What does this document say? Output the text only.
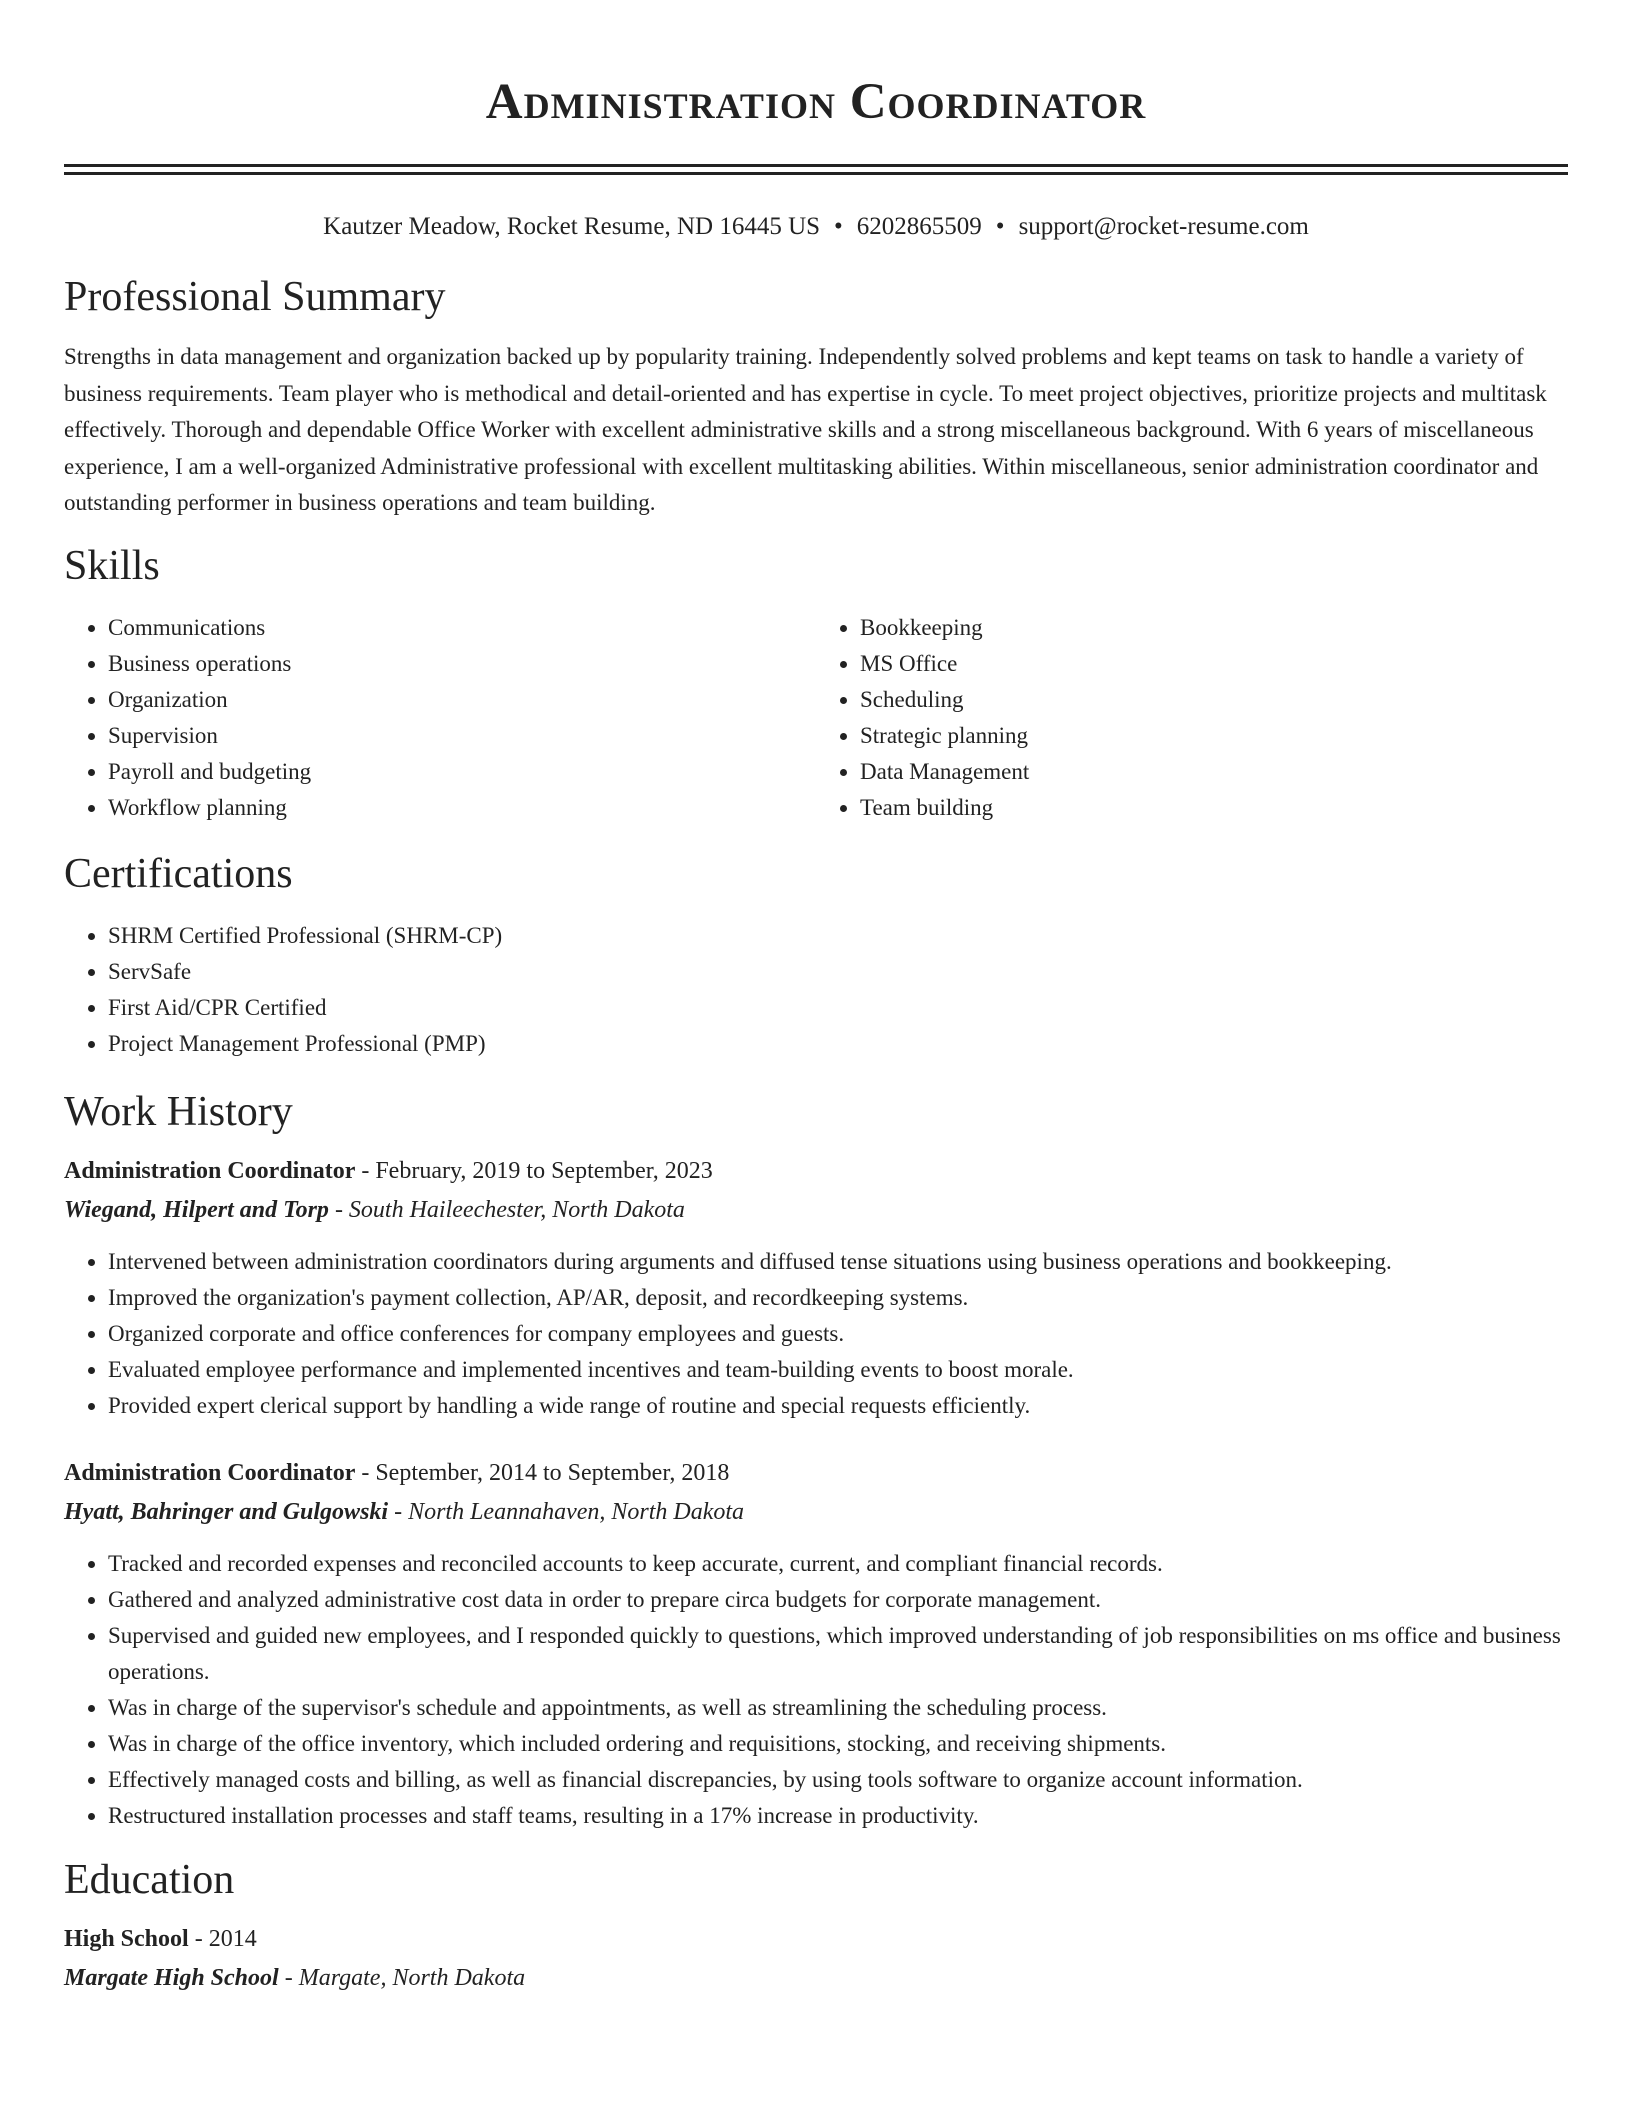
Administration Coordinator
Kautzer Meadow, Rocket Resume, ND 16445 US • 6202865509 • support@rocket-resume.com
Professional Summary

Strengths in data management and organization backed up by popularity training. Independently solved problems and kept teams on task to handle a variety of business requirements. Team player who is methodical and detail-oriented and has expertise in cycle. To meet project objectives, prioritize projects and multitask effectively. Thorough and dependable Office Worker with excellent administrative skills and a strong miscellaneous background. With 6 years of miscellaneous experience, I am a well-organized Administrative professional with excellent multitasking abilities. Within miscellaneous, senior administration coordinator and outstanding performer in business operations and team building.

Skills
• Communications
• Business operations
• Organization
• Supervision
• Payroll and budgeting
• Workflow planning
• Bookkeeping
• MS Office
• Scheduling
• Strategic planning
• Data Management
• Team building
Certifications
• SHRM Certified Professional (SHRM-CP)
• ServSafe
• First Aid/CPR Certified
• Project Management Professional (PMP)
Work History
Administration Coordinator - February, 2019 to September, 2023
Wiegand, Hilpert and Torp - South Haileechester, North Dakota
• Intervened between administration coordinators during arguments and diffused tense situations using business operations and bookkeeping.
• Improved the organization's payment collection, AP/AR, deposit, and recordkeeping systems.
• Organized corporate and office conferences for company employees and guests.
• Evaluated employee performance and implemented incentives and team-building events to boost morale.
• Provided expert clerical support by handling a wide range of routine and special requests efficiently.
Administration Coordinator - September, 2014 to September, 2018
Hyatt, Bahringer and Gulgowski - North Leannahaven, North Dakota
• Tracked and recorded expenses and reconciled accounts to keep accurate, current, and compliant financial records.
• Gathered and analyzed administrative cost data in order to prepare circa budgets for corporate management.
• Supervised and guided new employees, and I responded quickly to questions, which improved understanding of job responsibilities on ms office and business operations.
• Was in charge of the supervisor's schedule and appointments, as well as streamlining the scheduling process.
• Was in charge of the office inventory, which included ordering and requisitions, stocking, and receiving shipments.
• Effectively managed costs and billing, as well as financial discrepancies, by using tools software to organize account information.
• Restructured installation processes and staff teams, resulting in a 17% increase in productivity.
Education
High School - 2014
Margate High School - Margate, North Dakota
